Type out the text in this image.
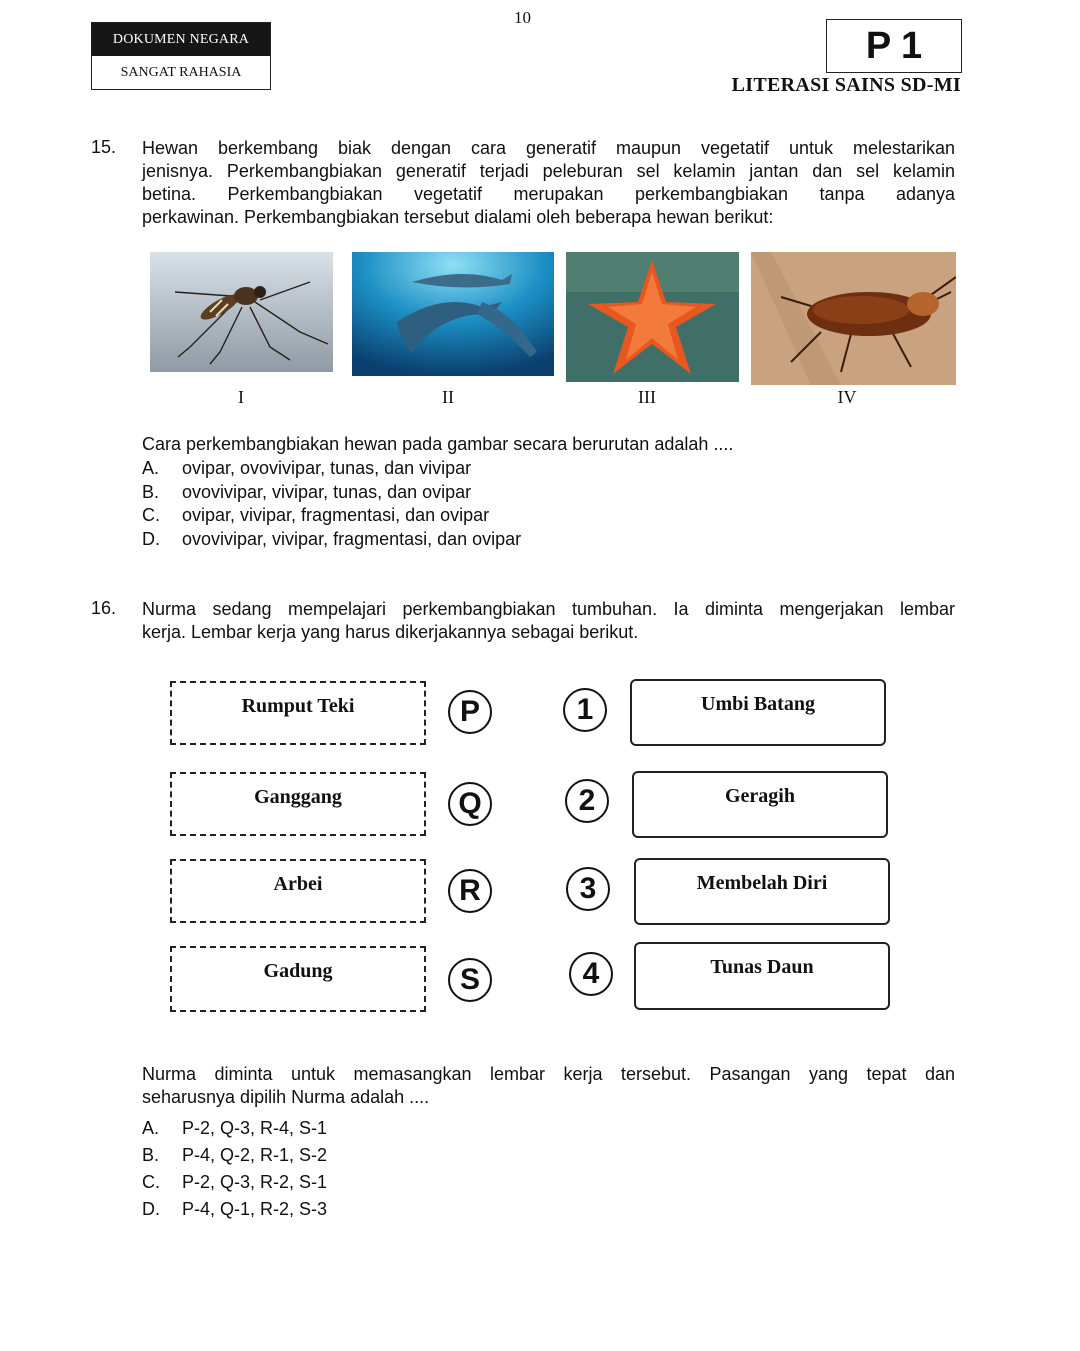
10
DOKUMEN NEGARA
SANGAT RAHASIA
P 1
LITERASI SAINS SD-MI
15. Hewan berkembang biak dengan cara generatif maupun vegetatif untuk melestarikan
jenisnya. Perkembangbiakan generatif terjadi peleburan sel kelamin jantan dan sel kelamin
betina. Perkembangbiakan vegetatif merupakan perkembangbiakan tanpa adanya
perkawinan. Perkembangbiakan tersebut dialami oleh beberapa hewan berikut:
I	II	III	IV
Cara perkembangbiakan hewan pada gambar secara berurutan adalah ....
A. ovipar, ovovivipar, tunas, dan vivipar
B. ovovivipar, vivipar, tunas, dan ovipar
C. ovipar, vivipar, fragmentasi, dan ovipar
D. ovovivipar, vivipar, fragmentasi, dan ovipar
16. Nurma sedang mempelajari perkembangbiakan tumbuhan. Ia diminta mengerjakan lembar
kerja. Lembar kerja yang harus dikerjakannya sebagai berikut.
Rumput Teki
Ganggang
Arbei
Gadung
P
Q
R
S
1
2
3
4
Umbi Batang
Geragih
Membelah Diri
Tunas Daun
Nurma diminta untuk memasangkan lembar kerja tersebut. Pasangan yang tepat dan
seharusnya dipilih Nurma adalah ....
A. P-2, Q-3, R-4, S-1
B. P-4, Q-2, R-1, S-2
C. P-2, Q-3, R-2, S-1
D. P-4, Q-1, R-2, S-3
